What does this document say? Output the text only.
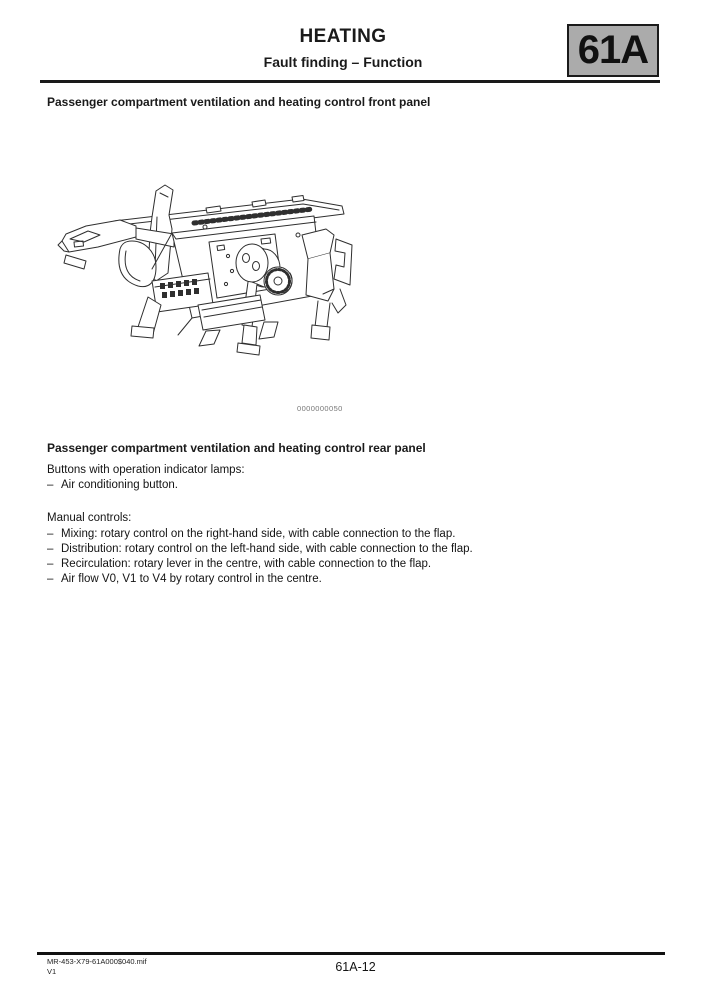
HEATING
Fault finding – Function	61A
Passenger compartment ventilation and heating control front panel
0000000050
Passenger compartment ventilation and heating control rear panel
Buttons with operation indicator lamps:
– Air conditioning button.
Manual controls:
– Mixing: rotary control on the right-hand side, with cable connection to the flap.
– Distribution: rotary control on the left-hand side, with cable connection to the flap.
– Recirculation: rotary lever in the centre, with cable connection to the flap.
– Air flow V0, V1 to V4 by rotary control in the centre.
MR-453-X79-61A000$040.mif
V1	61A-12
